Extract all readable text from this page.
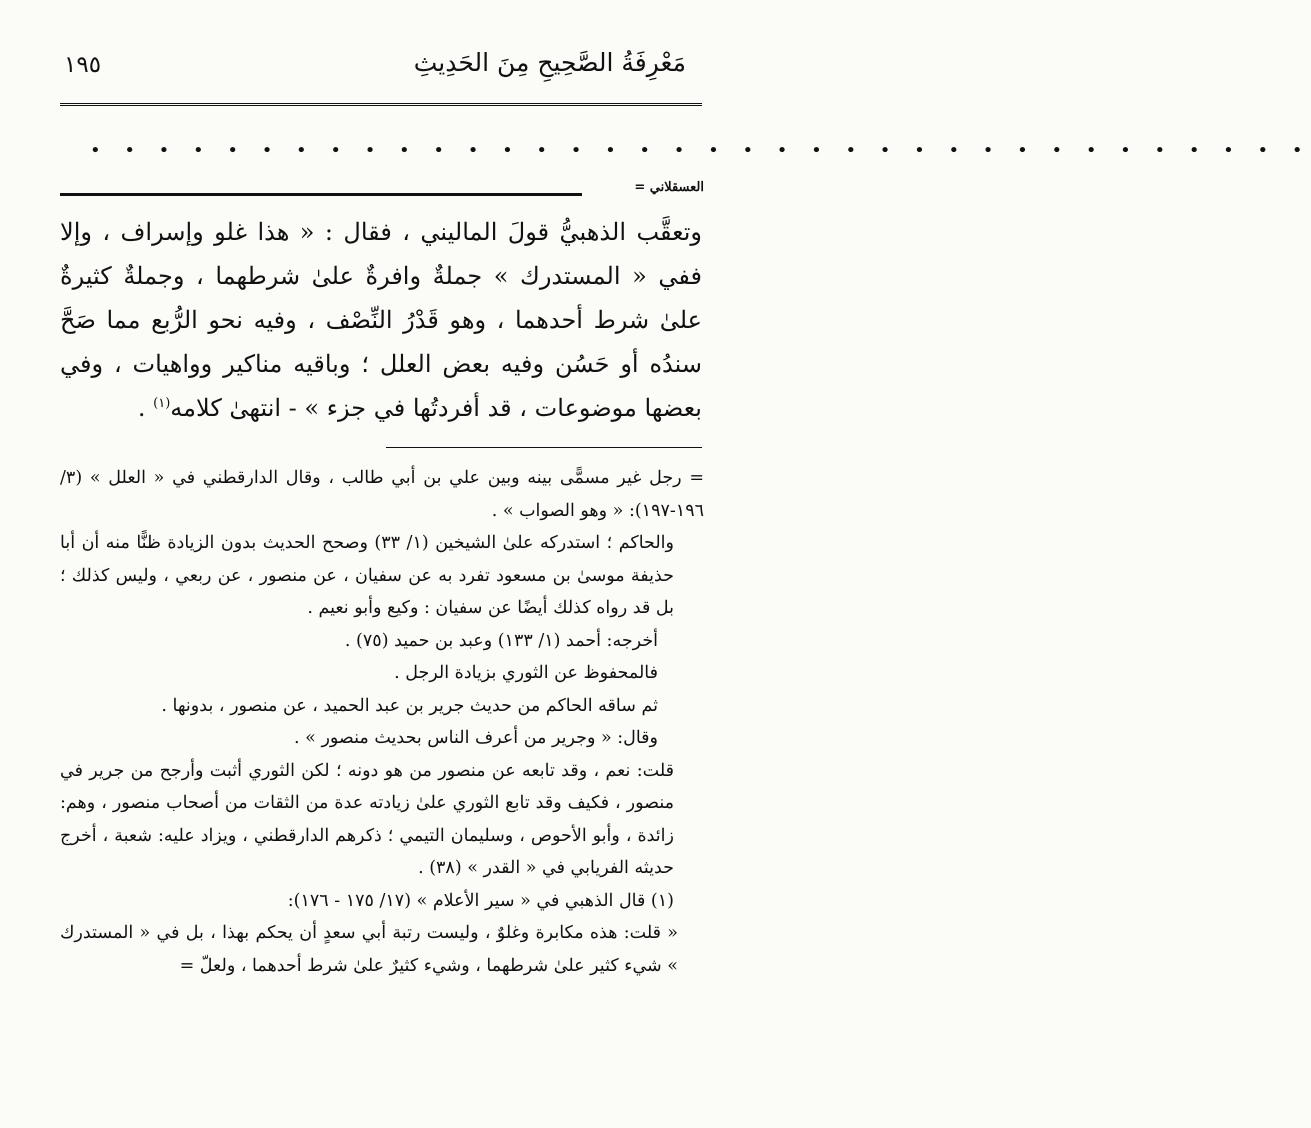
مَعْرِفَةُ الصَّحِيحِ مِنَ الحَدِيثِ
١٩٥
• • • • • • • • • • • • • • • • • • • • • • • • • • • • • • • • • • • •
العسقلاني =

وتعقَّب الذهبيُّ قولَ الماليني ، فقال : « هذا غلو وإسراف ، وإلا ففي « المستدرك » جملةٌ وافرةٌ علىٰ شرطهما ، وجملةٌ كثيرةٌ علىٰ شرط أحدهما ، وهو قَدْرُ النِّصْف ، وفيه نحو الرُّبع مما صَحَّ سندُه أو حَسُن وفيه بعض العلل ؛ وباقيه مناكير وواهيات ، وفي بعضها موضوعات ، قد أفردتُها في جزء » - انتهىٰ كلامه$^{(١)}$ .

= رجل غير مسمًّى بينه وبين علي بن أبي طالب ، وقال الدارقطني في « العلل » (٣/ ١٩٦-١٩٧): « وهو الصواب » .

والحاكم ؛ استدركه علىٰ الشيخين (١/ ٣٣) وصحح الحديث بدون الزيادة ظنًّا منه أن أبا حذيفة موسىٰ بن مسعود تفرد به عن سفيان ، عن منصور ، عن ربعي ، وليس كذلك ؛ بل قد رواه كذلك أيضًا عن سفيان : وكيع وأبو نعيم .

أخرجه: أحمد (١/ ١٣٣) وعبد بن حميد (٧٥) .

فالمحفوظ عن الثوري بزيادة الرجل .

ثم ساقه الحاكم من حديث جرير بن عبد الحميد ، عن منصور ، بدونها .

وقال: « وجرير من أعرف الناس بحديث منصور » .

قلت: نعم ، وقد تابعه عن منصور من هو دونه ؛ لكن الثوري أثبت وأرجح من جرير في منصور ، فكيف وقد تابع الثوري علىٰ زيادته عدة من الثقات من أصحاب منصور ، وهم: زائدة ، وأبو الأحوص ، وسليمان التيمي ؛ ذكرهم الدارقطني ، ويزاد عليه: شعبة ، أخرج حديثه الفريابي في « القدر » (٣٨) .

(١) قال الذهبي في « سير الأعلام » (١٧/ ١٧٥ - ١٧٦):

« قلت: هذه مكابرة وغلوٌ ، وليست رتبة أبي سعدٍ أن يحكم بهذا ، بل في « المستدرك » شيء كثير علىٰ شرطهما ، وشيء كثيرٌ علىٰ شرط أحدهما ، ولعلّ =
